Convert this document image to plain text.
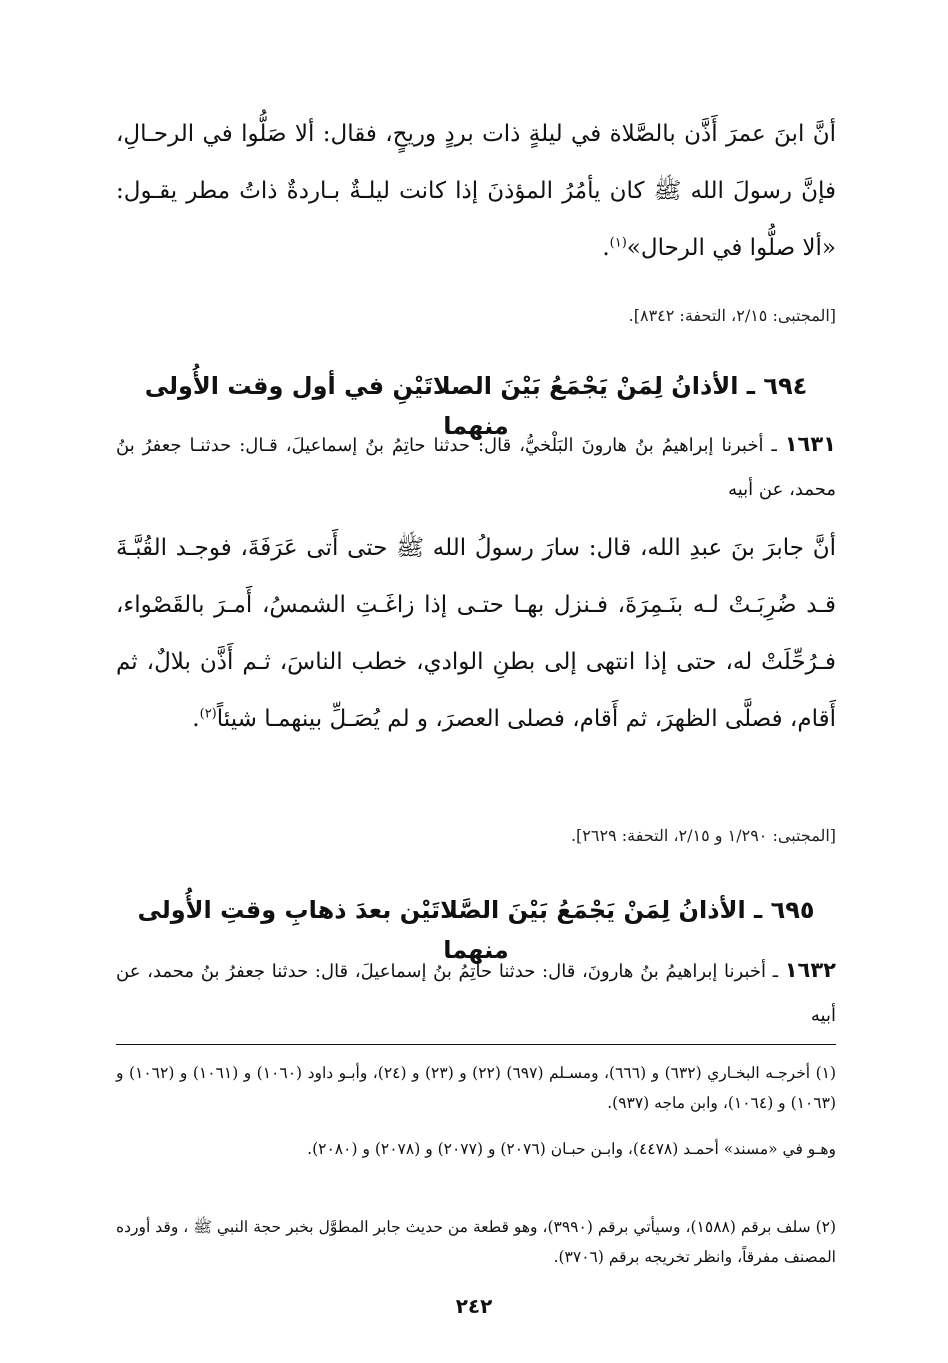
أنَّ ابنَ عمرَ أَذَّن بالصَّلاة في ليلةٍ ذات بردٍ وريحٍ، فقال: ألا صَلُّوا في الرحـالِ، فإنَّ رسولَ الله ﷺ كان يأمُرُ المؤذنَ إذا كانت ليلـةٌ بـاردةٌ ذاتُ مطر يقـول: «ألا صلُّوا في الرحال»$^{(١)}$.
[المجتبى: ٢/١٥، التحفة: ٨٣٤٢].
٦٩٤ ـ الأذانُ لِمَنْ يَجْمَعُ بَيْنَ الصلاتَيْنِ في أول وقت الأُولى منهما
١٦٣١ ـ أخبرنا إبراهيمُ بنُ هارونَ البَلْخيُّ، قال: حدثنا حاتِمُ بنُ إسماعيلَ، قـال: حدثنـا جعفرُ بنُ محمد، عن أبيه
أنَّ جابرَ بنَ عبدِ الله، قال: سارَ رسولُ الله ﷺ حتى أَتى عَرَفَةَ، فوجـد القُبَّـةَ قـد ضُرِبَـتْ لـه بنَـمِرَةَ، فـنزل بهـا حتـى إذا زاغَـتِ الشمسُ، أَمـرَ بالقَصْواء، فـرُحِّلَتْ له، حتى إذا انتهى إلى بطنِ الوادي، خطب الناسَ، ثـم أَذَّن بلالٌ، ثم أَقام، فصلَّى الظهرَ، ثم أَقام، فصلى العصرَ، و لم يُصَـلِّ بينهمـا شيئاً$^{(٢)}$.
[المجتبى: ١/٢٩٠ و ٢/١٥، التحفة: ٢٦٢٩].
٦٩٥ ـ الأذانُ لِمَنْ يَجْمَعُ بَيْنَ الصَّلاتَيْن بعدَ ذهابِ وقتِ الأُولى منهما
١٦٣٢ ـ أخبرنا إبراهيمُ بنُ هارونَ، قال: حدثنا حاتِمُ بنُ إسماعيلَ، قال: حدثنا جعفرُ بنُ محمد، عن أبيه
(١) أخرجـه البخـاري (٦٣٢) و (٦٦٦)، ومسـلم (٦٩٧) (٢٢) و (٢٣) و (٢٤)، وأبـو داود (١٠٦٠) و (١٠٦١) و (١٠٦٢) و (١٠٦٣) و (١٠٦٤)، وابن ماجه (٩٣٧).
وهـو في «مسند» أحمـد (٤٤٧٨)، وابـن حبـان (٢٠٧٦) و (٢٠٧٧) و (٢٠٧٨) و (٢٠٨٠).
(٢) سلف برقم (١٥٨٨)، وسيأتي برقم (٣٩٩٠)، وهو قطعة من حديث جابر المطوَّل بخبر حجة النبي ﷺ ، وقد أورده المصنف مفرقاً، وانظر تخريجه برقم (٣٧٠٦).
٢٤٢
